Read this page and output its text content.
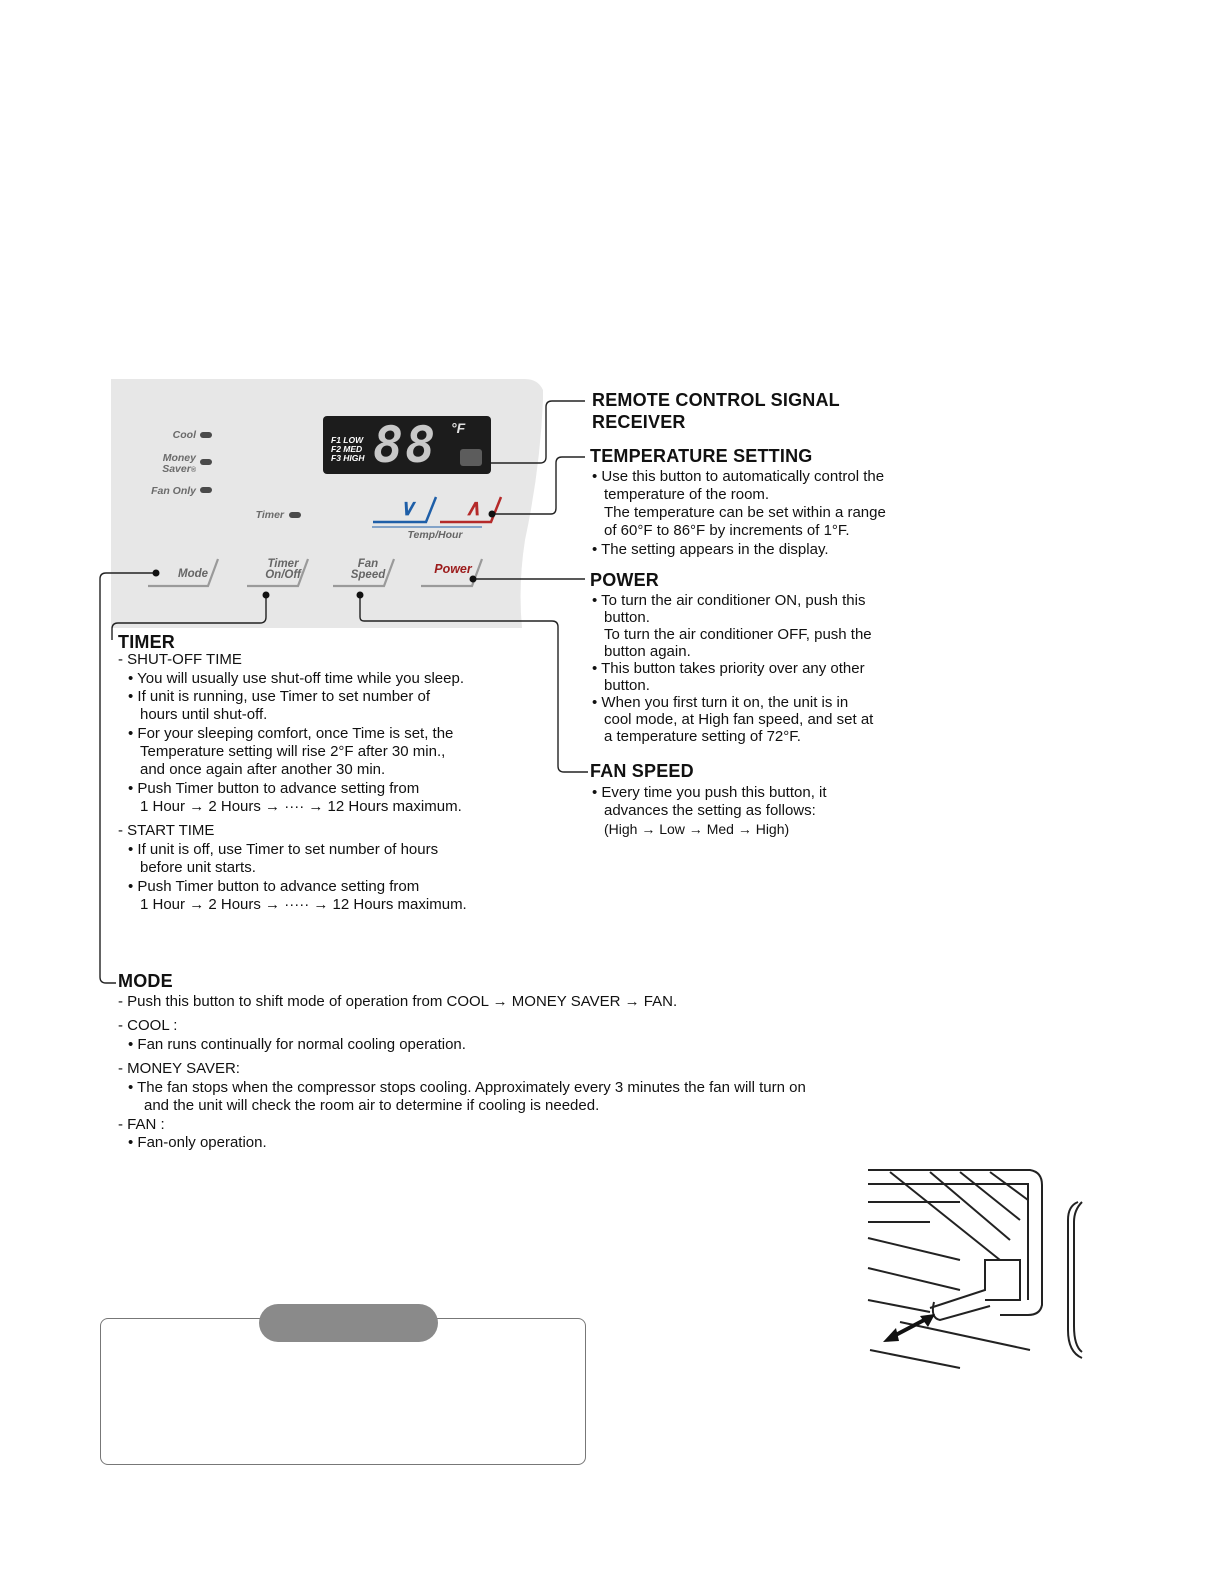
Cool
Money
Saver®
Fan Only
Timer
F1 LOW
F2 MED
F3 HIGH 88 °F
∨	∧
Temp/Hour
Mode
Timer
On/Off
Fan
Speed	Power
REMOTE CONTROL SIGNAL
RECEIVER
TEMPERATURE SETTING
• Use this button to automatically control the
temperature of the room.
The temperature can be set within a range
of 60°F to 86°F by increments of 1°F.
• The setting appears in the display.
POWER
• To turn the air conditioner ON, push this
button.
To turn the air conditioner OFF, push the
button again.
• This button takes priority over any other
button.
• When you first turn it on, the unit is in
cool mode, at High fan speed, and set at
a temperature setting of 72°F.
FAN SPEED
• Every time you push this button, it
advances the setting as follows:
(High → Low → Med → High)
TIMER
- SHUT-OFF TIME
• You will usually use shut-off time while you sleep.
• If unit is running, use Timer to set number of
hours until shut-off.
• For your sleeping comfort, once Time is set, the
Temperature setting will rise 2°F after 30 min.,
and once again after another 30 min.
• Push Timer button to advance setting from
1 Hour → 2 Hours → ···· → 12 Hours maximum.
- START TIME
• If unit is off, use Timer to set number of hours
before unit starts.
• Push Timer button to advance setting from
1 Hour → 2 Hours → ····· → 12 Hours maximum.
MODE
- Push this button to shift mode of operation from COOL → MONEY SAVER → FAN.
- COOL :
• Fan runs continually for normal cooling operation.
- MONEY SAVER:
• The fan stops when the compressor stops cooling. Approximately every 3 minutes the fan will turn on
and the unit will check the room air to determine if cooling is needed.
- FAN :
• Fan-only operation.
